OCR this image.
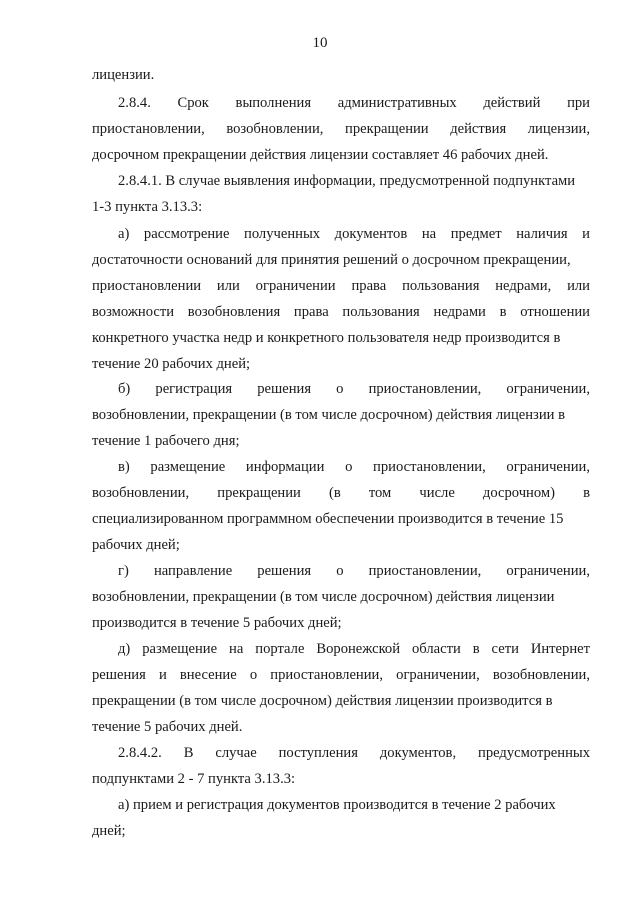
10

лицензии.

2.8.4. Срок выполнения административных действий при

приостановлении, возобновлении, прекращении действия лицензии,

досрочном прекращении действия лицензии составляет 46 рабочих дней.

2.8.4.1. В случае выявления информации, предусмотренной подпунктами

1-3 пункта 3.13.3:

а) рассмотрение полученных документов на предмет наличия и

достаточности оснований для принятия решений о досрочном прекращении,

приостановлении или ограничении права пользования недрами, или

возможности возобновления права пользования недрами в отношении

конкретного участка недр и конкретного пользователя недр производится в

течение 20 рабочих дней;

б) регистрация решения о приостановлении, ограничении,

возобновлении, прекращении (в том числе досрочном) действия лицензии в

течение 1 рабочего дня;

в) размещение информации о приостановлении, ограничении,

возобновлении, прекращении (в том числе досрочном) в

специализированном программном обеспечении производится в течение 15

рабочих дней;

г) направление решения о приостановлении, ограничении,

возобновлении, прекращении (в том числе досрочном) действия лицензии

производится в течение 5 рабочих дней;

д) размещение на портале Воронежской области в сети Интернет

решения и внесение о приостановлении, ограничении, возобновлении,

прекращении (в том числе досрочном) действия лицензии производится в

течение 5 рабочих дней.

2.8.4.2. В случае поступления документов, предусмотренных

подпунктами 2 - 7 пункта 3.13.3:

а) прием и регистрация документов производится в течение 2 рабочих

дней;
